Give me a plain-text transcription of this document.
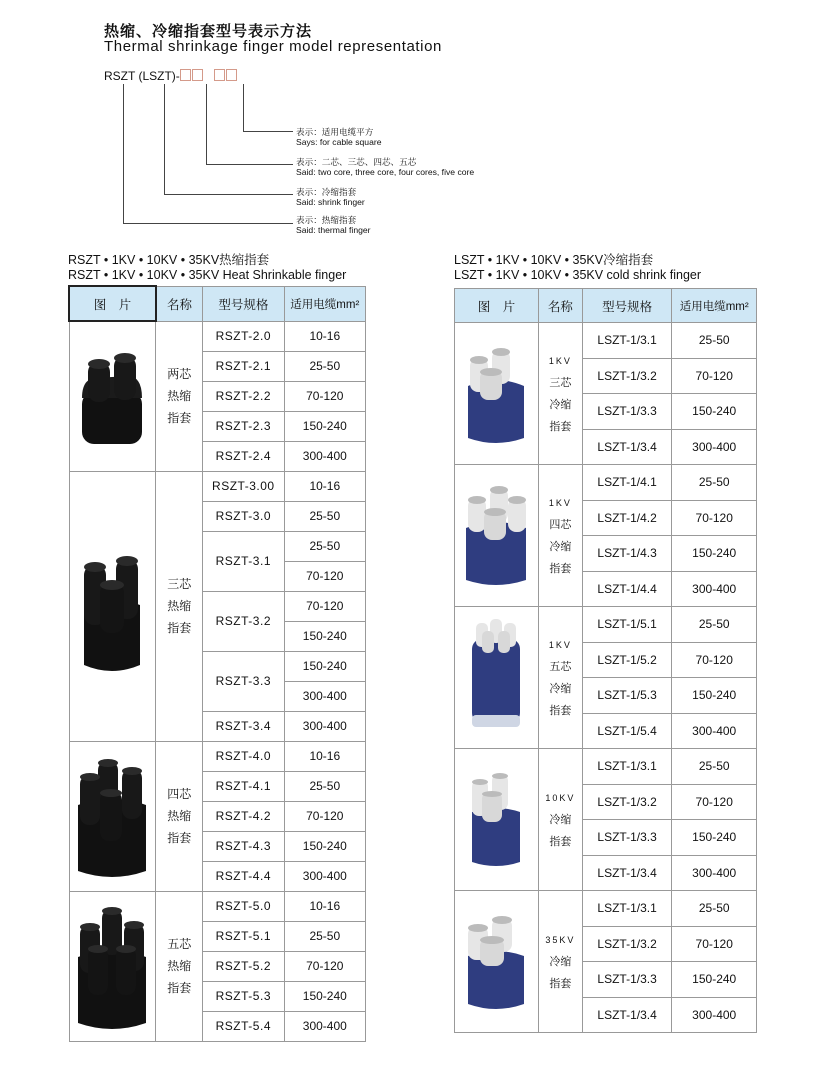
热缩、冷缩指套型号表示方法
Thermal shrinkage finger model representation
RSZT (LSZT)-
表示：适用电缆平方
Says: for cable square
表示：二芯、三芯、四芯、五芯
Said: two core, three core, four cores, five core
表示：冷缩指套
Said: shrink finger
表示：热缩指套
Said: thermal finger
RSZT • 1KV • 10KV • 35KV热缩指套
RSZT • 1KV • 10KV • 35KV Heat Shrinkable finger
LSZT • 1KV • 10KV • 35KV冷缩指套
LSZT • 1KV • 10KV • 35KV cold shrink finger
图　片	名称	型号规格	适用电缆mm²

两芯
热缩
指套	RSZT-2.0	10-16
		RSZT-2.1	25-50
		RSZT-2.2	70-120
		RSZT-2.3	150-240
		RSZT-2.4	300-400

三芯
热缩
指套	RSZT-3.00	10-16
		RSZT-3.0	25-50
		RSZT-3.1	25-50
			70-120
		RSZT-3.2	70-120
			150-240
		RSZT-3.3	150-240
			300-400
		RSZT-3.4	300-400

四芯
热缩
指套	RSZT-4.0	10-16
		RSZT-4.1	25-50
		RSZT-4.2	70-120
		RSZT-4.3	150-240
		RSZT-4.4	300-400

五芯
热缩
指套	RSZT-5.0	10-16
		RSZT-5.1	25-50
		RSZT-5.2	70-120
		RSZT-5.3	150-240
		RSZT-5.4	300-400
图　片	名称	型号规格	适用电缆mm²

1KV
三芯
冷缩
指套	LSZT-1/3.1	25-50
		LSZT-1/3.2	70-120
		LSZT-1/3.3	150-240
		LSZT-1/3.4	300-400

1KV
四芯
冷缩
指套	LSZT-1/4.1	25-50
		LSZT-1/4.2	70-120
		LSZT-1/4.3	150-240
		LSZT-1/4.4	300-400

1KV
五芯
冷缩
指套	LSZT-1/5.1	25-50
		LSZT-1/5.2	70-120
		LSZT-1/5.3	150-240
		LSZT-1/5.4	300-400

10KV
冷缩
指套	LSZT-1/3.1	25-50
		LSZT-1/3.2	70-120
		LSZT-1/3.3	150-240
		LSZT-1/3.4	300-400

35KV
冷缩
指套	LSZT-1/3.1	25-50
		LSZT-1/3.2	70-120
		LSZT-1/3.3	150-240
		LSZT-1/3.4	300-400
